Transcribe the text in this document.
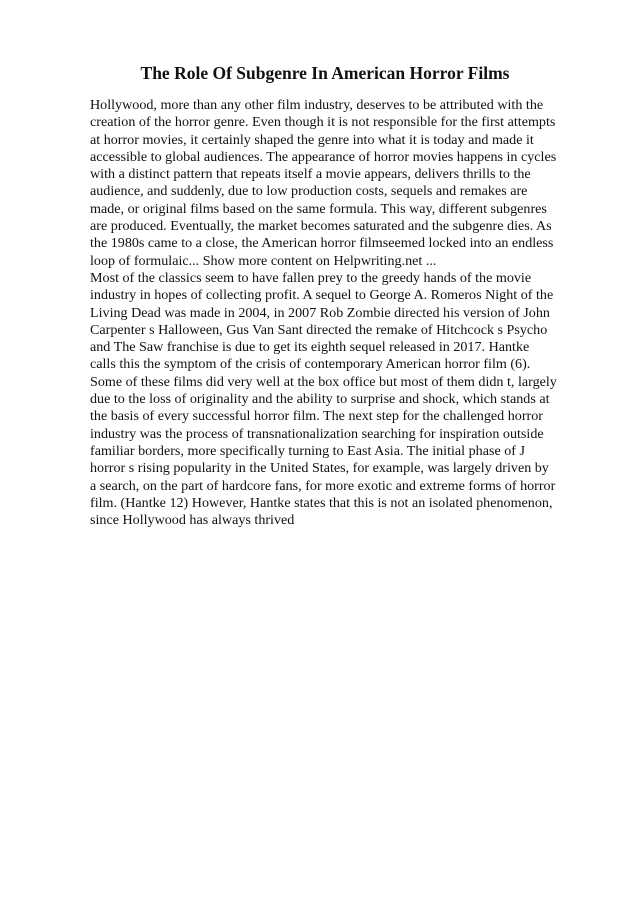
The Role Of Subgenre In American Horror Films

Hollywood, more than any other film industry, deserves to be attributed with the creation of the horror genre. Even though it is not responsible for the first attempts at horror movies, it certainly shaped the genre into what it is today and made it accessible to global audiences. The appearance of horror movies happens in cycles with a distinct pattern that repeats itself a movie appears, delivers thrills to the audience, and suddenly, due to low production costs, sequels and remakes are made, or original films based on the same formula. This way, different subgenres are produced. Eventually, the market becomes saturated and the subgenre dies. As the 1980s came to a close, the American horror filmseemed locked into an endless loop of formulaic... Show more content on Helpwriting.net ...

Most of the classics seem to have fallen prey to the greedy hands of the movie industry in hopes of collecting profit. A sequel to George A. Romeros Night of the Living Dead was made in 2004, in 2007 Rob Zombie directed his version of John Carpenter s Halloween, Gus Van Sant directed the remake of Hitchcock s Psycho and The Saw franchise is due to get its eighth sequel released in 2017. Hantke calls this the symptom of the crisis of contemporary American horror film (6). Some of these films did very well at the box office but most of them didn t, largely due to the loss of originality and the ability to surprise and shock, which stands at the basis of every successful horror film. The next step for the challenged horror industry was the process of transnationalization searching for inspiration outside familiar borders, more specifically turning to East Asia. The initial phase of J horror s rising popularity in the United States, for example, was largely driven by a search, on the part of hardcore fans, for more exotic and extreme forms of horror film. (Hantke 12) However, Hantke states that this is not an isolated phenomenon, since Hollywood has always thrived
